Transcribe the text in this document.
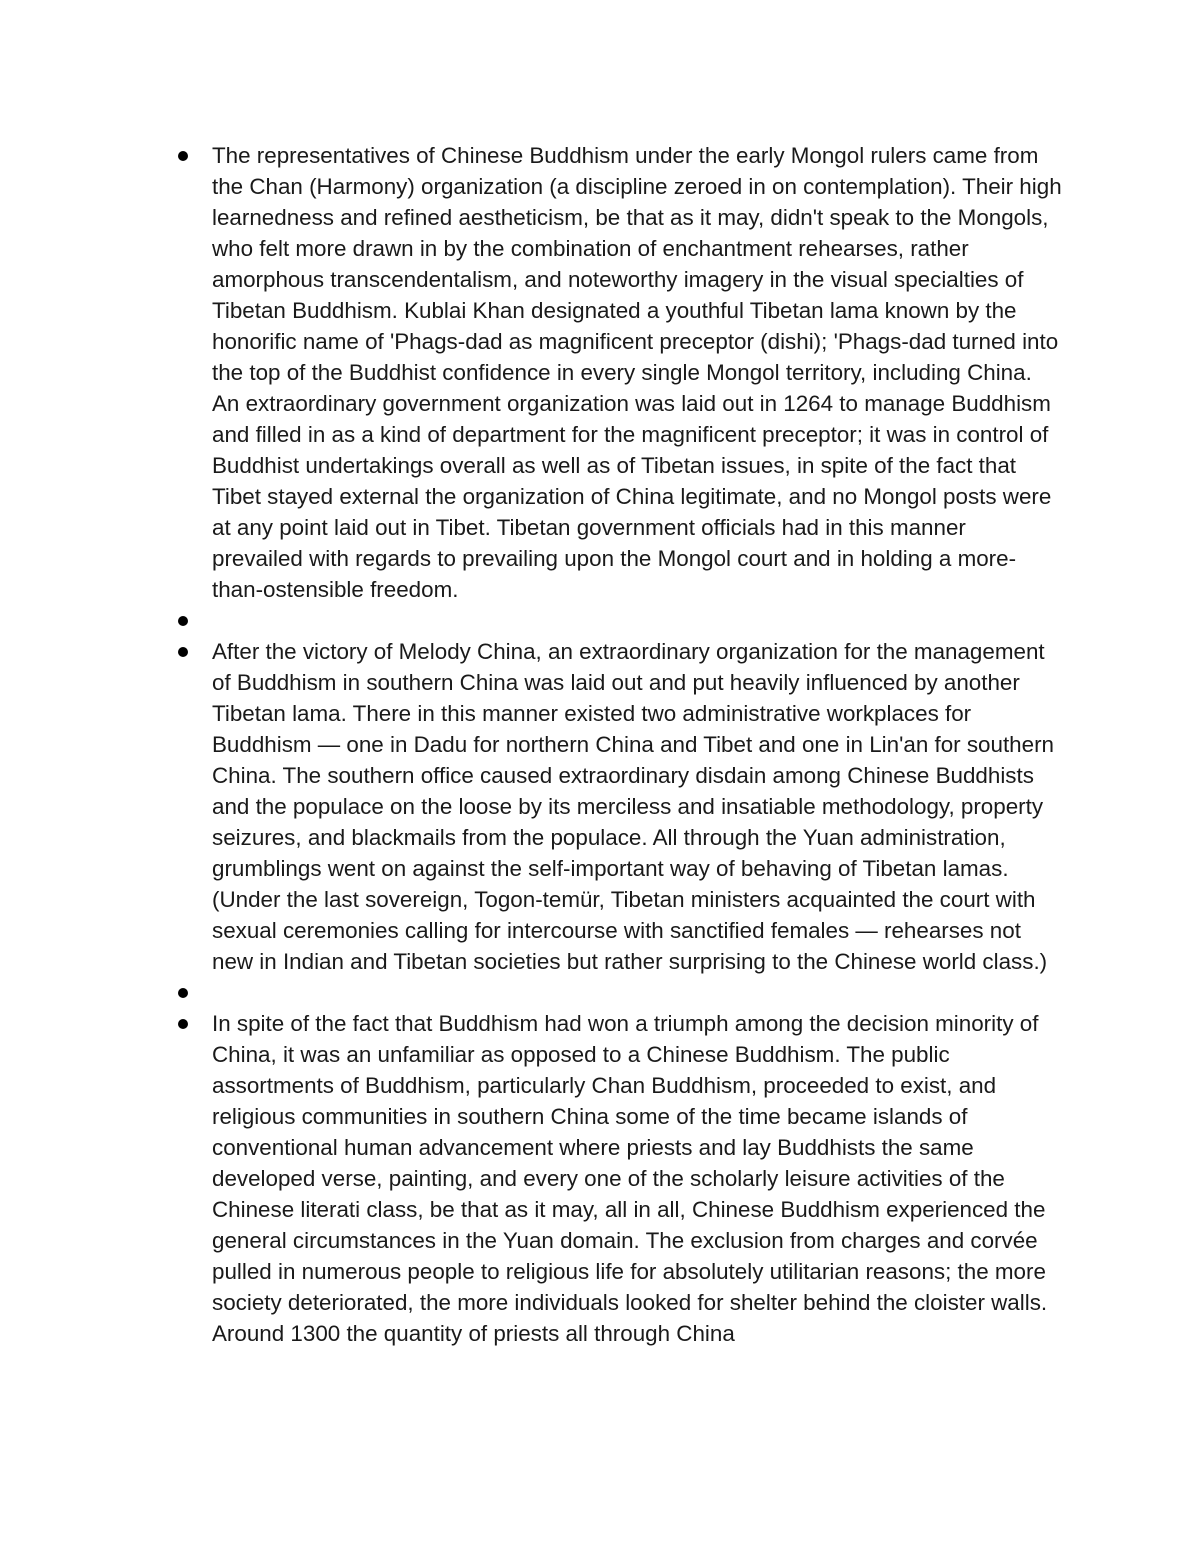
The representatives of Chinese Buddhism under the early Mongol rulers came from the Chan (Harmony) organization (a discipline zeroed in on contemplation). Their high learnedness and refined aestheticism, be that as it may, didn't speak to the Mongols, who felt more drawn in by the combination of enchantment rehearses, rather amorphous transcendentalism, and noteworthy imagery in the visual specialties of Tibetan Buddhism. Kublai Khan designated a youthful Tibetan lama known by the honorific name of 'Phags-dad as magnificent preceptor (dishi); 'Phags-dad turned into the top of the Buddhist confidence in every single Mongol territory, including China. An extraordinary government organization was laid out in 1264 to manage Buddhism and filled in as a kind of department for the magnificent preceptor; it was in control of Buddhist undertakings overall as well as of Tibetan issues, in spite of the fact that Tibet stayed external the organization of China legitimate, and no Mongol posts were at any point laid out in Tibet. Tibetan government officials had in this manner prevailed with regards to prevailing upon the Mongol court and in holding a more-than-ostensible freedom.
After the victory of Melody China, an extraordinary organization for the management of Buddhism in southern China was laid out and put heavily influenced by another Tibetan lama. There in this manner existed two administrative workplaces for Buddhism — one in Dadu for northern China and Tibet and one in Lin'an for southern China. The southern office caused extraordinary disdain among Chinese Buddhists and the populace on the loose by its merciless and insatiable methodology, property seizures, and blackmails from the populace. All through the Yuan administration, grumblings went on against the self-important way of behaving of Tibetan lamas. (Under the last sovereign, Togon-temür, Tibetan ministers acquainted the court with sexual ceremonies calling for intercourse with sanctified females — rehearses not new in Indian and Tibetan societies but rather surprising to the Chinese world class.)
In spite of the fact that Buddhism had won a triumph among the decision minority of China, it was an unfamiliar as opposed to a Chinese Buddhism. The public assortments of Buddhism, particularly Chan Buddhism, proceeded to exist, and religious communities in southern China some of the time became islands of conventional human advancement where priests and lay Buddhists the same developed verse, painting, and every one of the scholarly leisure activities of the Chinese literati class, be that as it may, all in all, Chinese Buddhism experienced the general circumstances in the Yuan domain. The exclusion from charges and corvée pulled in numerous people to religious life for absolutely utilitarian reasons; the more society deteriorated, the more individuals looked for shelter behind the cloister walls. Around 1300 the quantity of priests all through China
